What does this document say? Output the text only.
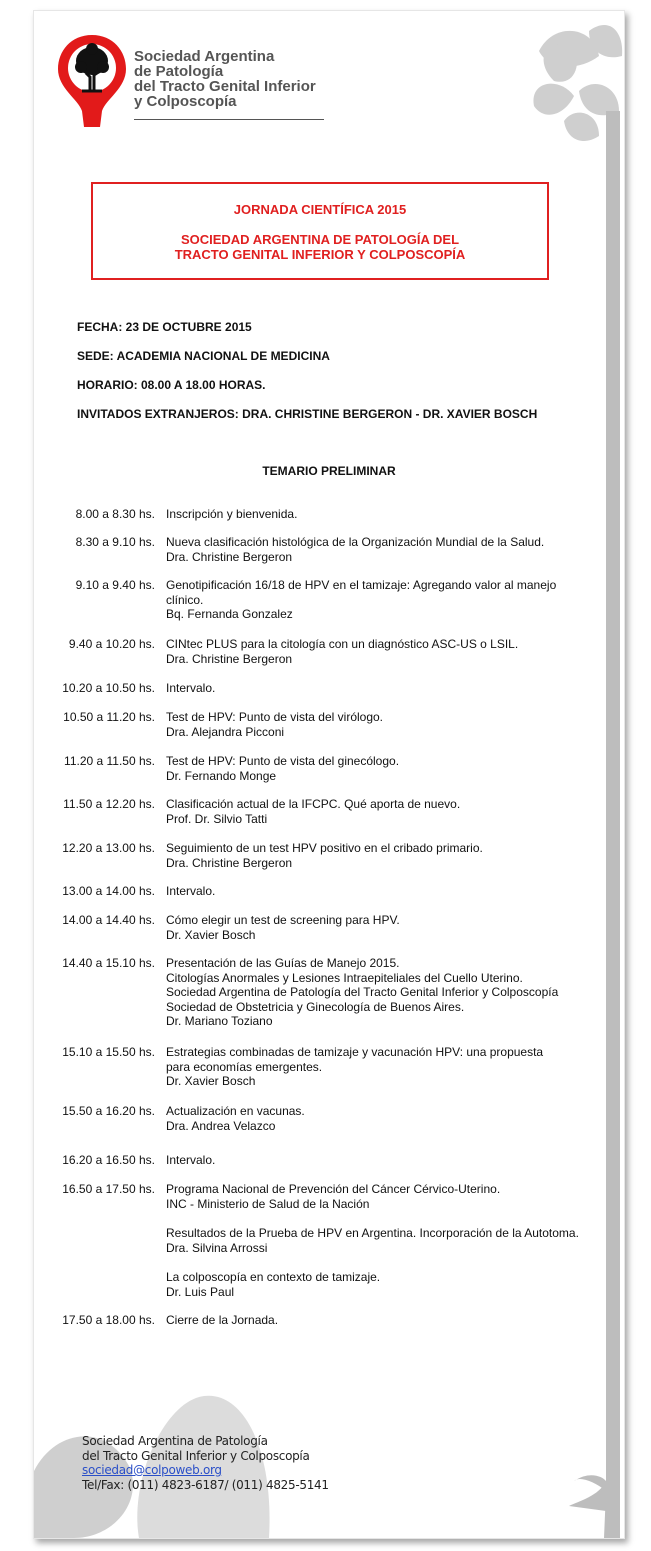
Sociedad Argentina
de Patología
del Tracto Genital Inferior
y Colposcopía
JORNADA CIENTÍFICA 2015
SOCIEDAD ARGENTINA DE PATOLOGÍA DEL
TRACTO GENITAL INFERIOR Y COLPOSCOPÍA
FECHA: 23 DE OCTUBRE 2015
SEDE: ACADEMIA NACIONAL DE MEDICINA
HORARIO: 08.00 A 18.00 HORAS.
INVITADOS EXTRANJEROS: DRA. CHRISTINE BERGERON - DR. XAVIER BOSCH
TEMARIO PRELIMINAR
8.00 a 8.30 hs. Inscripción y bienvenida.
8.30 a 9.10 hs. Nueva clasificación histológica de la Organización Mundial de la Salud.
Dra. Christine Bergeron
9.10 a 9.40 hs. Genotipificación 16/18 de HPV en el tamizaje: Agregando valor al manejo
clínico.
Bq. Fernanda Gonzalez
9.40 a 10.20 hs. CINtec PLUS para la citología con un diagnóstico ASC-US o LSIL.
Dra. Christine Bergeron
10.20 a 10.50 hs. Intervalo.
10.50 a 11.20 hs. Test de HPV: Punto de vista del virólogo.
Dra. Alejandra Picconi
11.20 a 11.50 hs. Test de HPV: Punto de vista del ginecólogo.
Dr. Fernando Monge
11.50 a 12.20 hs. Clasificación actual de la IFCPC. Qué aporta de nuevo.
Prof. Dr. Silvio Tatti
12.20 a 13.00 hs. Seguimiento de un test HPV positivo en el cribado primario.
Dra. Christine Bergeron
13.00 a 14.00 hs. Intervalo.
14.00 a 14.40 hs. Cómo elegir un test de screening para HPV.
Dr. Xavier Bosch
14.40 a 15.10 hs. Presentación de las Guías de Manejo 2015.
Citologías Anormales y Lesiones Intraepiteliales del Cuello Uterino.
Sociedad Argentina de Patología del Tracto Genital Inferior y Colposcopía
Sociedad de Obstetricia y Ginecología de Buenos Aires.
Dr. Mariano Toziano
15.10 a 15.50 hs. Estrategias combinadas de tamizaje y vacunación HPV: una propuesta
para economías emergentes.
Dr. Xavier Bosch
15.50 a 16.20 hs. Actualización en vacunas.
Dra. Andrea Velazco
16.20 a 16.50 hs. Intervalo.
16.50 a 17.50 hs. Programa Nacional de Prevención del Cáncer Cérvico-Uterino.
INC - Ministerio de Salud de la Nación
Resultados de la Prueba de HPV en Argentina. Incorporación de la Autotoma.
Dra. Silvina Arrossi
La colposcopía en contexto de tamizaje.
Dr. Luis Paul
17.50 a 18.00 hs. Cierre de la Jornada.
Sociedad Argentina de Patología
del Tracto Genital Inferior y Colposcopía
sociedad@colpoweb.org
Tel/Fax: (011) 4823-6187/ (011) 4825-5141
